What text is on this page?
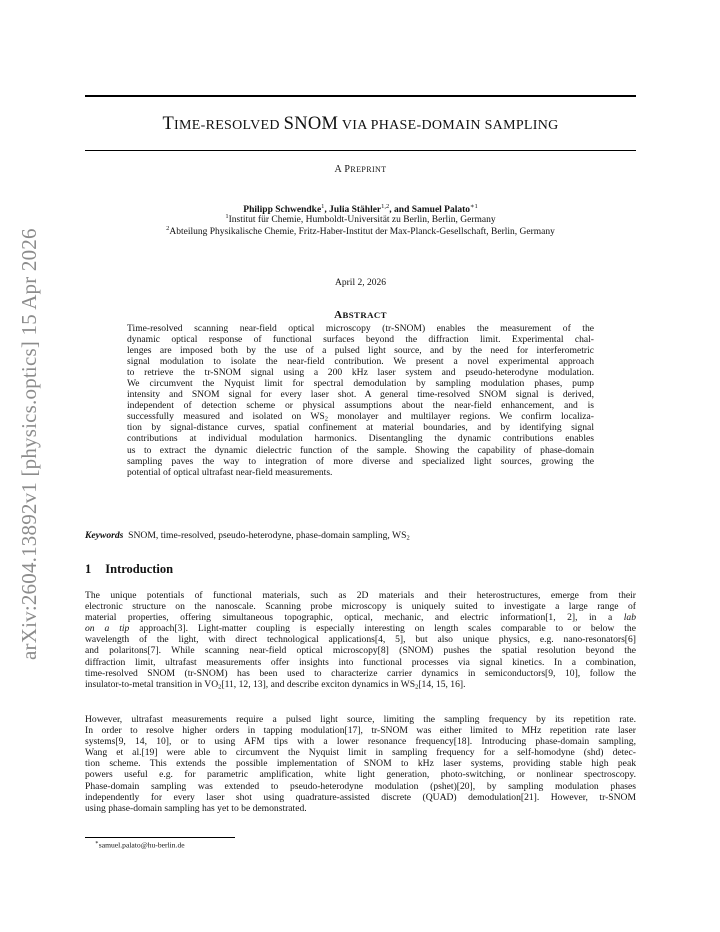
arXiv:2604.13892v1 [physics.optics] 15 Apr 2026
TIME-RESOLVED SNOM VIA PHASE-DOMAIN SAMPLING
A PREPRINT
Philipp Schwendke$^1$, Julia Stähler$^{1,2}$, and Samuel Palato$^{∗1}$
$^1$Institut für Chemie, Humboldt-Universität zu Berlin, Berlin, Germany
$^2$Abteilung Physikalische Chemie, Fritz-Haber-Institut der Max-Planck-Gesellschaft, Berlin, Germany
April 2, 2026
ABSTRACT
Time-resolved scanning near-field optical microscopy (tr-SNOM) enables the measurement of the
dynamic optical response of functional surfaces beyond the diffraction limit. Experimental chal-
lenges are imposed both by the use of a pulsed light source, and by the need for interferometric
signal modulation to isolate the near-field contribution. We present a novel experimental approach
to retrieve the tr-SNOM signal using a 200 kHz laser system and pseudo-heterodyne modulation.
We circumvent the Nyquist limit for spectral demodulation by sampling modulation phases, pump
intensity and SNOM signal for every laser shot. A general time-resolved SNOM signal is derived,
independent of detection scheme or physical assumptions about the near-field enhancement, and is
successfully measured and isolated on $WS_2$ monolayer and multilayer regions. We confirm localiza-
tion by signal-distance curves, spatial confinement at material boundaries, and by identifying signal
contributions at individual modulation harmonics. Disentangling the dynamic contributions enables
us to extract the dynamic dielectric function of the sample. Showing the capability of phase-domain
sampling paves the way to integration of more diverse and specialized light sources, growing the
potential of optical ultrafast near-field measurements.
Keywords SNOM, time-resolved, pseudo-heterodyne, phase-domain sampling, $WS_2$
1 Introduction
The unique potentials of functional materials, such as 2D materials and their heterostructures, emerge from their
electronic structure on the nanoscale. Scanning probe microscopy is uniquely suited to investigate a large range of
material properties, offering simultaneous topographic, optical, mechanic, and electric information[1, 2], in a lab
on a tip approach[3]. Light-matter coupling is especially interesting on length scales comparable to or below the
wavelength of the light, with direct technological applications[4, 5], but also unique physics, e.g. nano-resonators[6]
and polaritons[7]. While scanning near-field optical microscopy[8] (SNOM) pushes the spatial resolution beyond the
diffraction limit, ultrafast measurements offer insights into functional processes via signal kinetics. In a combination,
time-resolved SNOM (tr-SNOM) has been used to characterize carrier dynamics in semiconductors[9, 10], follow the
insulator-to-metal transition in $VO_2[11$, 12, 13], and describe exciton dynamics in $WS_2[14$, 15, 16].
However, ultrafast measurements require a pulsed light source, limiting the sampling frequency by its repetition rate.
In order to resolve higher orders in tapping modulation[17], tr-SNOM was either limited to MHz repetition rate laser
systems[9, 14, 10], or to using AFM tips with a lower resonance frequency[18]. Introducing phase-domain sampling,
Wang et al.[19] were able to circumvent the Nyquist limit in sampling frequency for a self-homodyne (shd) detec-
tion scheme. This extends the possible implementation of SNOM to kHz laser systems, providing stable high peak
powers useful e.g. for parametric amplification, white light generation, photo-switching, or nonlinear spectroscopy.
Phase-domain sampling was extended to pseudo-heterodyne modulation (pshet)[20], by sampling modulation phases
independently for every laser shot using quadrature-assisted discrete (QUAD) demodulation[21]. However, tr-SNOM
using phase-domain sampling has yet to be demonstrated.
∗samuel.palato@hu-berlin.de
